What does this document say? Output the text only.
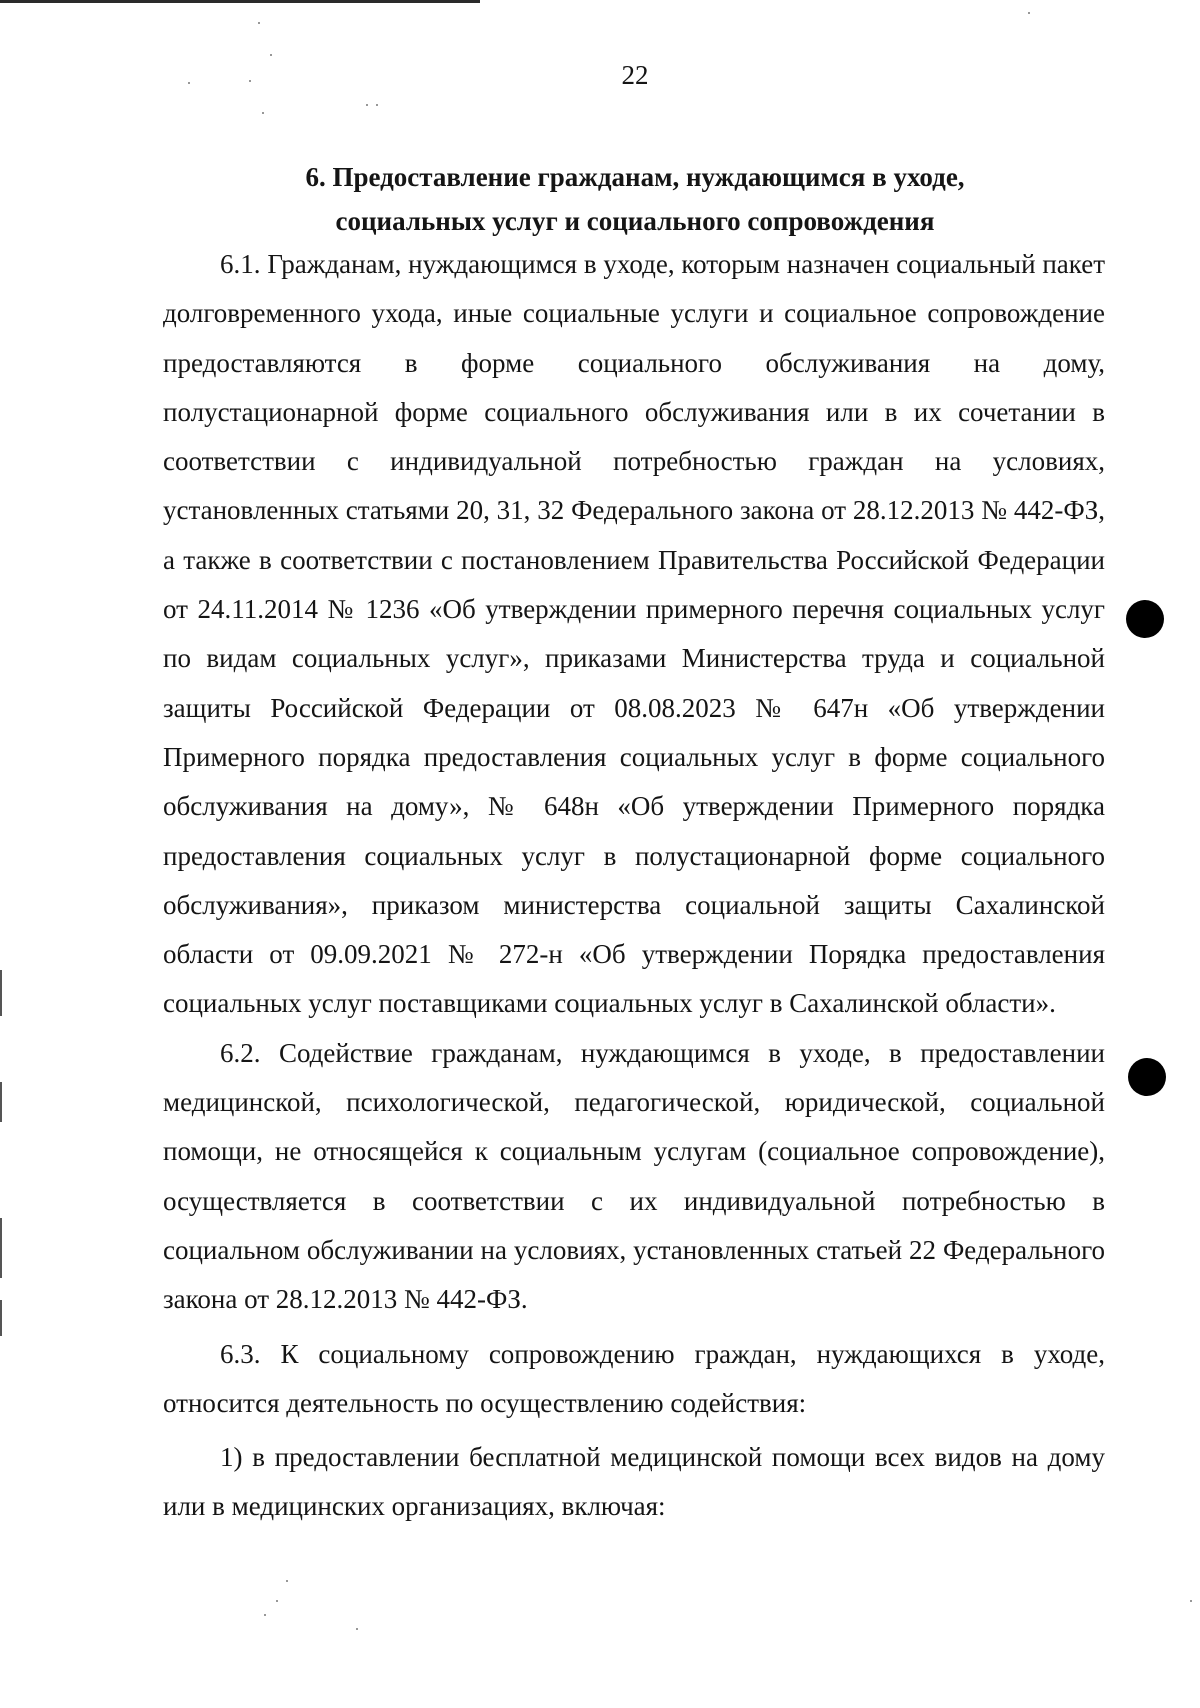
22
6. Предоставление гражданам, нуждающимся в уходе,
социальных услуг и социального сопровождения

6.1. Гражданам, нуждающимся в уходе, которым назначен социальный пакет долговременного ухода, иные социальные услуги и социальное сопровождение предоставляются в форме социального обслуживания на дому, полустационарной форме социального обслуживания или в их сочетании в соответствии с индивидуальной потребностью граждан на условиях, установленных статьями 20, 31, 32 Федерального закона от 28.12.2013 № 442-ФЗ, а также в соответствии с постановлением Правительства Российской Федерации от 24.11.2014 № 1236 «Об утверждении примерного перечня социальных услуг по видам социальных услуг», приказами Министерства труда и социальной защиты Российской Федерации от 08.08.2023 № 647н «Об утверждении Примерного порядка предоставления социальных услуг в форме социального обслуживания на дому», № 648н «Об утверждении Примерного порядка предоставления социальных услуг в полустационарной форме социального обслуживания», приказом министерства социальной защиты Сахалинской области от 09.09.2021 № 272-н «Об утверждении Порядка предоставления социальных услуг поставщиками социальных услуг в Сахалинской области».

6.2. Содействие гражданам, нуждающимся в уходе, в предоставлении медицинской, психологической, педагогической, юридической, социальной помощи, не относящейся к социальным услугам (социальное сопровождение), осуществляется в соответствии с их индивидуальной потребностью в социальном обслуживании на условиях, установленных статьей 22 Федерального закона от 28.12.2013 № 442-ФЗ.

6.3. К социальному сопровождению граждан, нуждающихся в уходе, относится деятельность по осуществлению содействия:

1) в предоставлении бесплатной медицинской помощи всех видов на дому или в медицинских организациях, включая:
